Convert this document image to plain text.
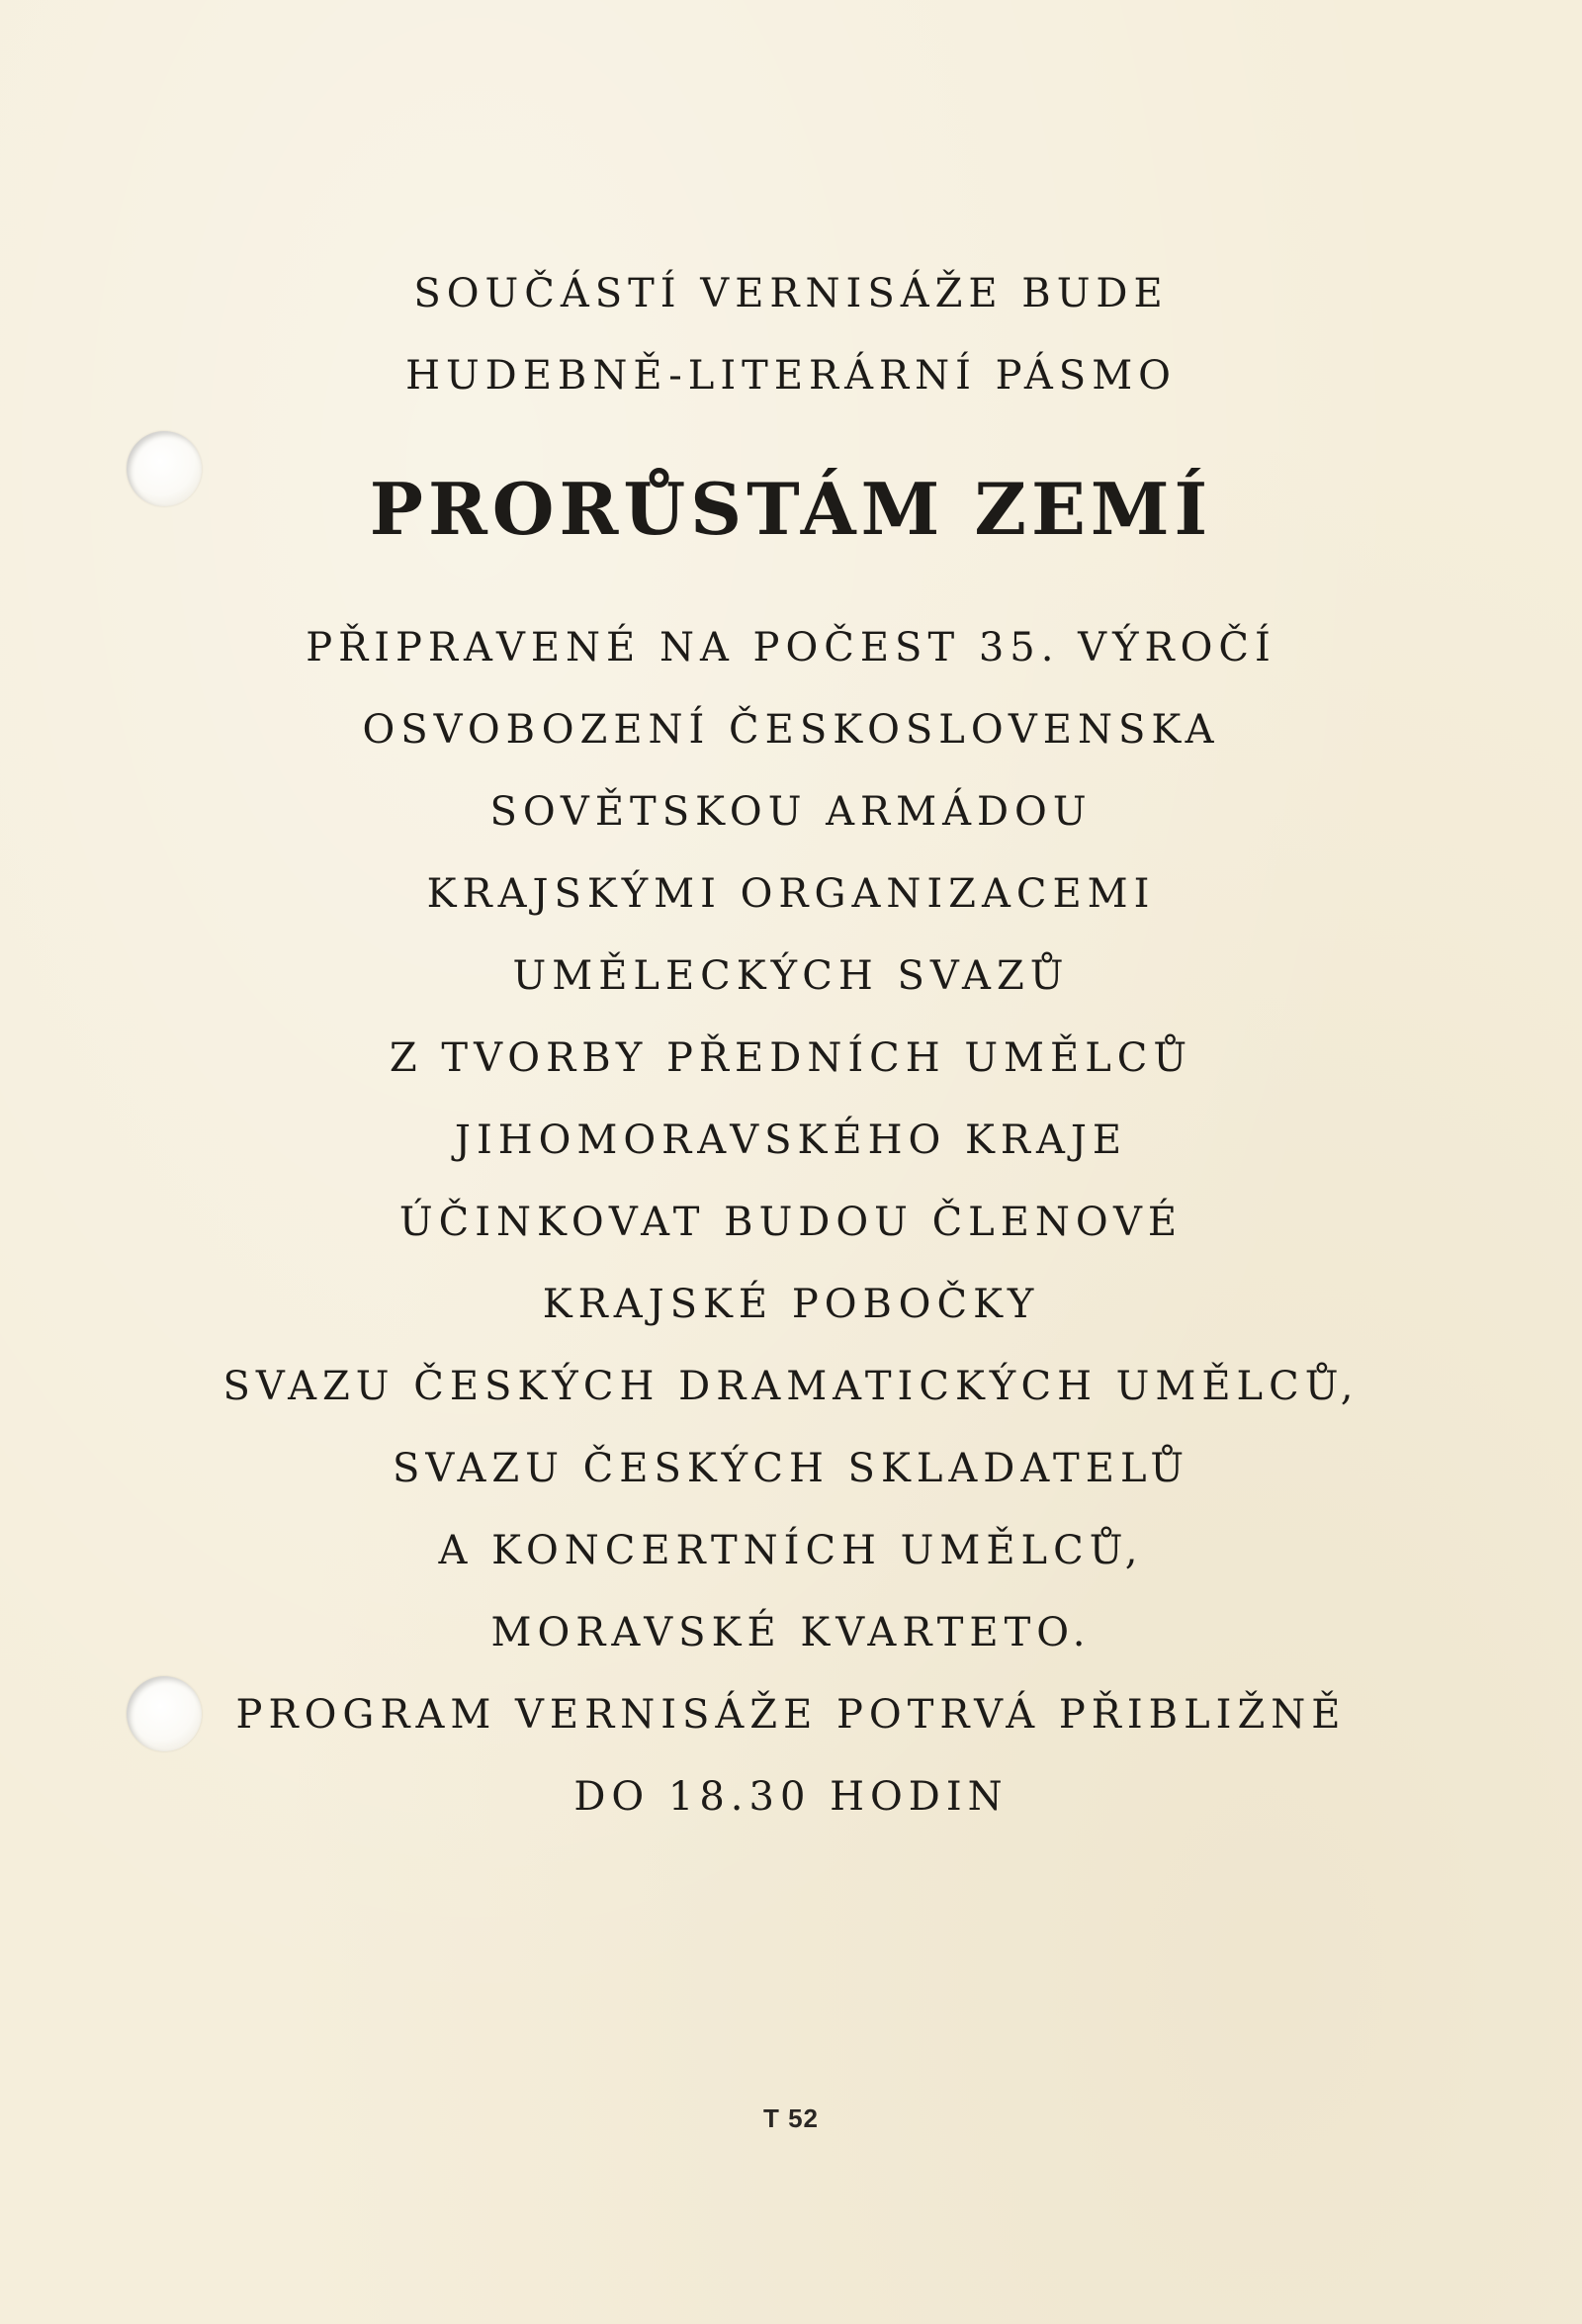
SOUČÁSTÍ VERNISÁŽE BUDE
HUDEBNĚ-LITERÁRNÍ PÁSMO
PRORŮSTÁM ZEMÍ
PŘIPRAVENÉ NA POČEST 35. VÝROČÍ
OSVOBOZENÍ ČESKOSLOVENSKA
SOVĚTSKOU ARMÁDOU
KRAJSKÝMI ORGANIZACEMI
UMĚLECKÝCH SVAZŮ
Z TVORBY PŘEDNÍCH UMĚLCŮ
JIHOMORAVSKÉHO KRAJE
ÚČINKOVAT BUDOU ČLENOVÉ
KRAJSKÉ POBOČKY
SVAZU ČESKÝCH DRAMATICKÝCH UMĚLCŮ,
SVAZU ČESKÝCH SKLADATELŮ
A KONCERTNÍCH UMĚLCŮ,
MORAVSKÉ KVARTETO.
PROGRAM VERNISÁŽE POTRVÁ PŘIBLIŽNĚ
DO 18.30 HODIN
T 52
